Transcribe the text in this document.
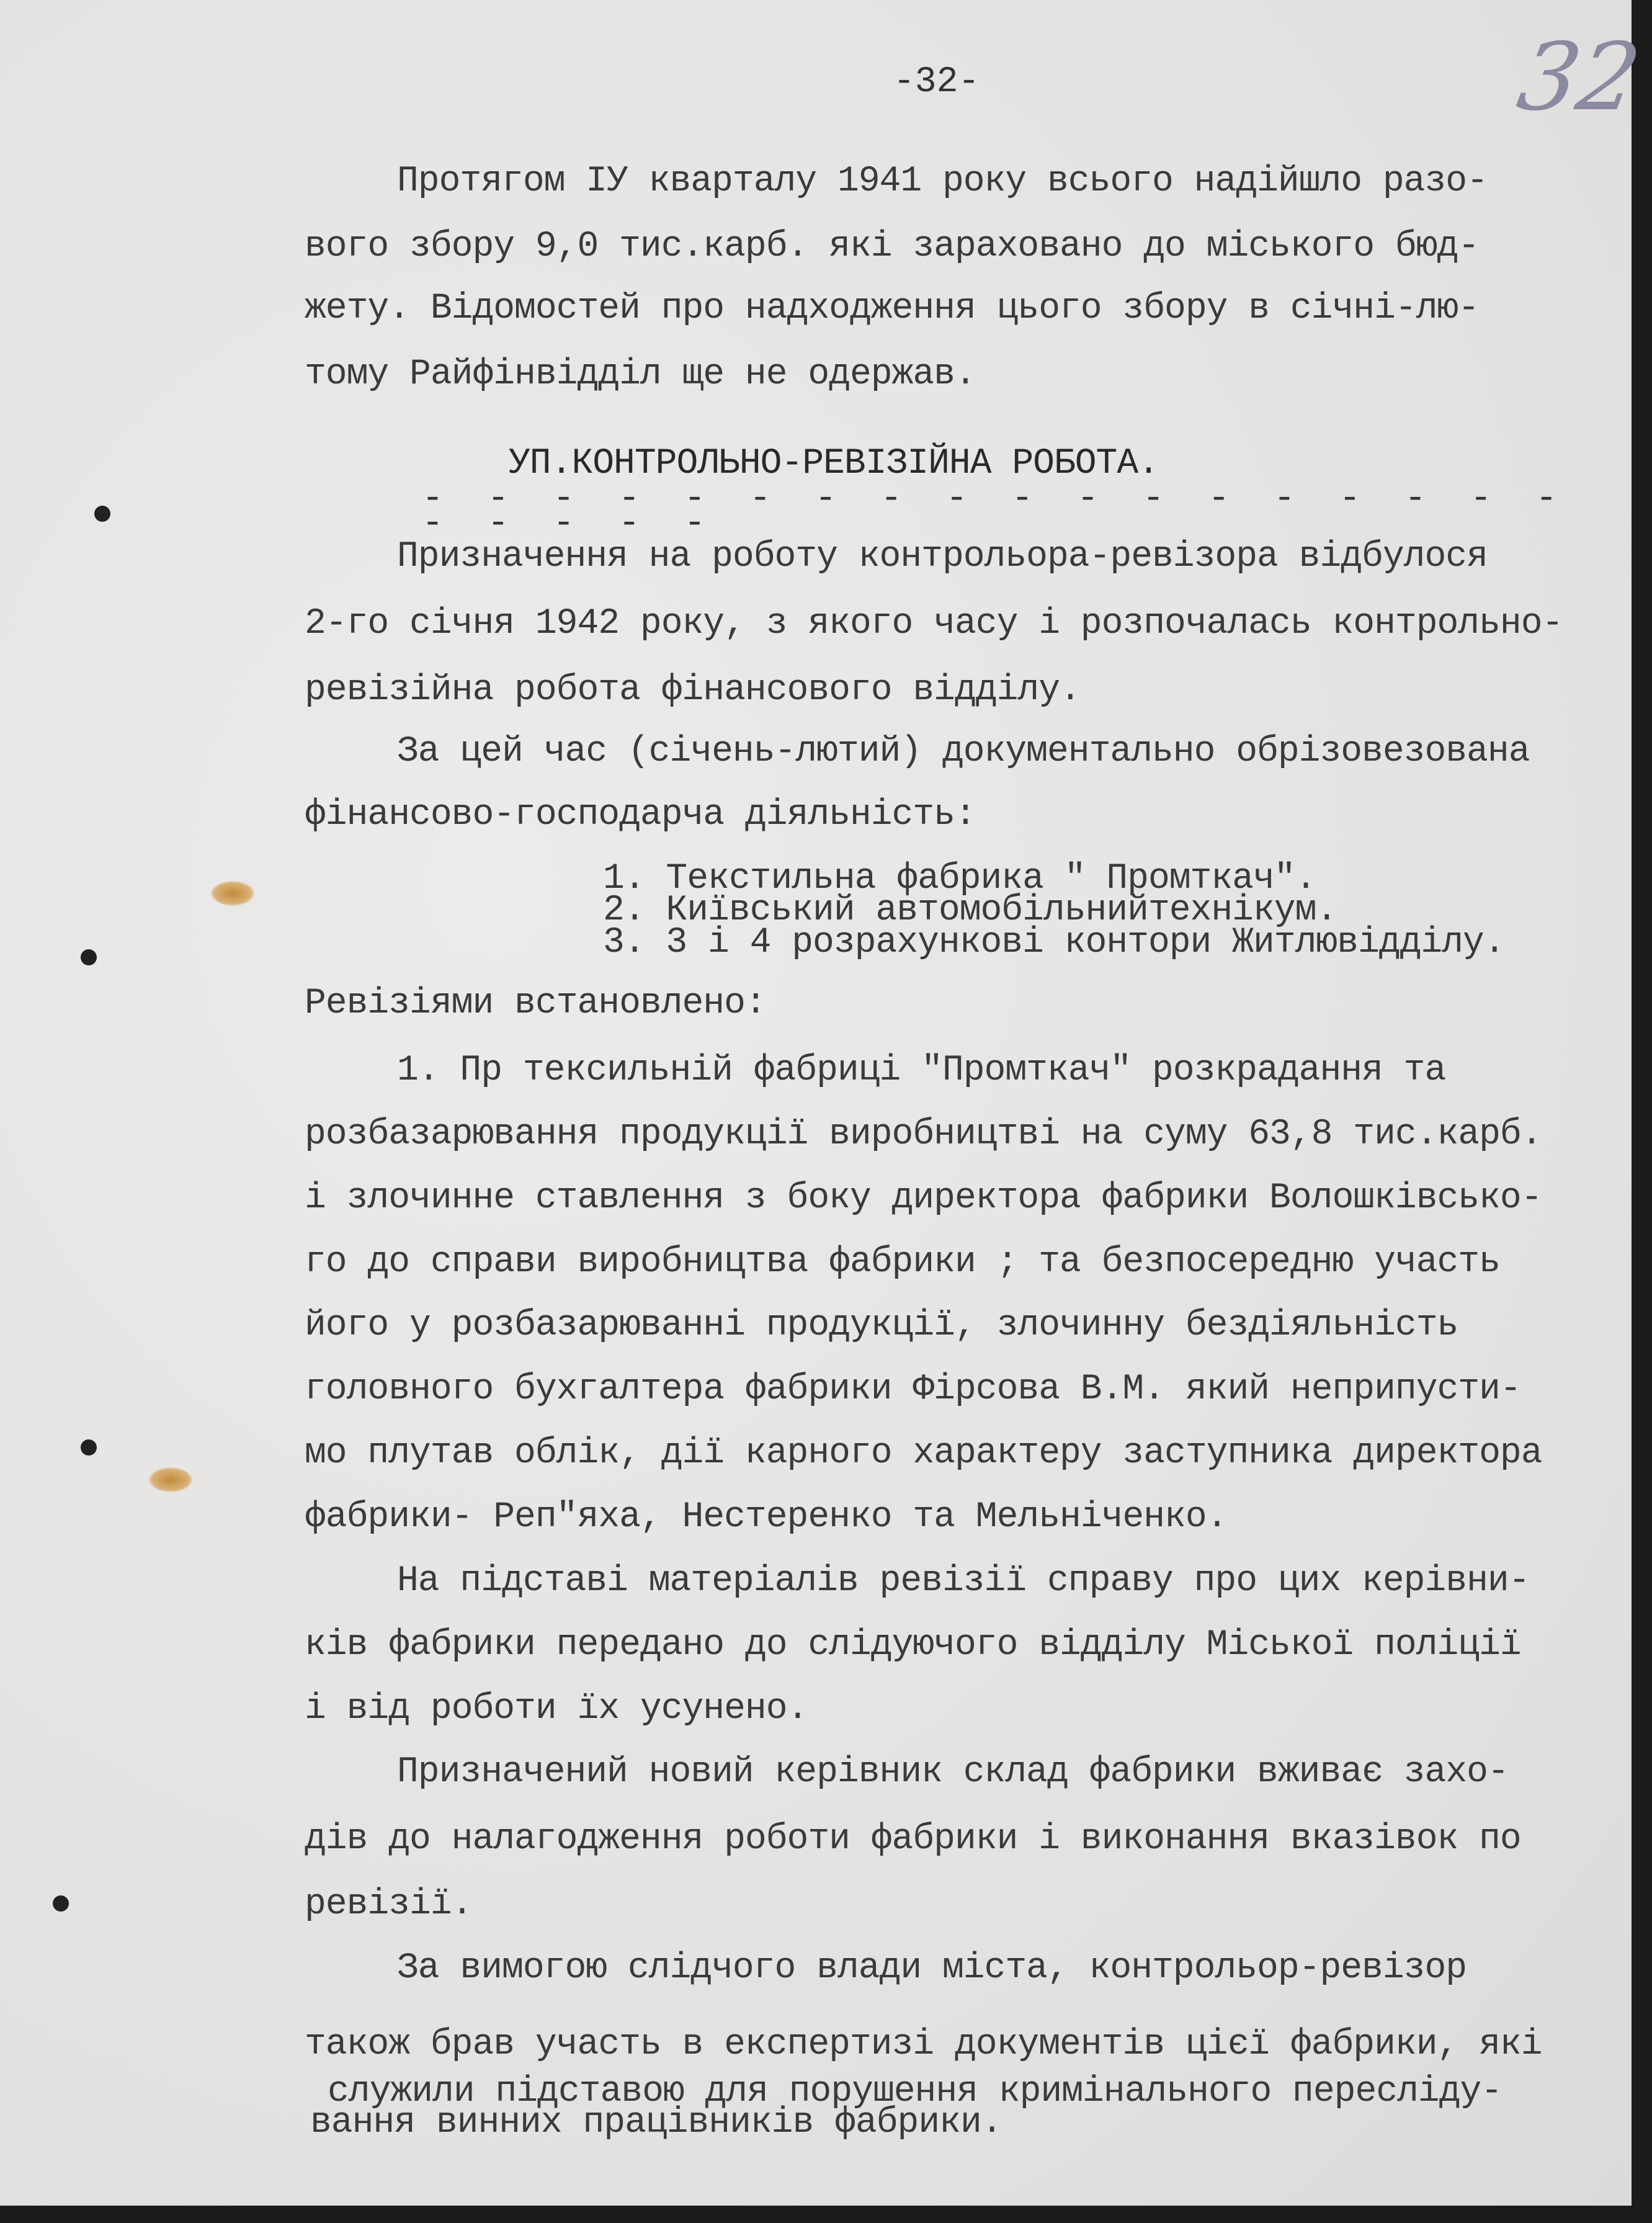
-32-	32
- - - - - - - - - - - - - - - - - - - - - - -
Протягом ІУ кварталу 1941 року всього надійшло разо-
вого збору 9,0 тис.карб. які зараховано до міського бюд-
жету. Відомостей про надходження цього збору в січні-лю-
тому Райфінвідділ ще не одержав.
УП.КОНТРОЛЬНО-РЕВІЗІЙНА РОБОТА.
Призначення на роботу контрольора-ревізора відбулося
2-го січня 1942 року, з якого часу і розпочалась контрольно-
ревізійна робота фінансового відділу.
За цей час (січень-лютий) документально обрізовезована
фінансово-господарча діяльність:
1. Текстильна фабрика " Промткач".
2. Київський автомобільнийтехнікум.
3. 3 і 4 розрахункові контори Житлювідділу.
Ревізіями встановлено:
1. Пр тексильній фабриці "Промткач" розкрадання та
розбазарювання продукції виробництві на суму 63,8 тис.карб.
і злочинне ставлення з боку директора фабрики Волошківсько-
го до справи виробництва фабрики ; та безпосередню участь
його у розбазарюванні продукції, злочинну бездіяльність
головного бухгалтера фабрики Фірсова В.М. який неприпусти-
мо плутав облік, дії карного характеру заступника директора
фабрики- Реп"яха, Нестеренко та Мельніченко.
На підставі матеріалів ревізії справу про цих керівни-
ків фабрики передано до слідуючого відділу Міської поліції
і від роботи їх усунено.
Призначений новий керівник склад фабрики вживає захо-
дів до налагодження роботи фабрики і виконання вказівок по
ревізії.
За вимогою слідчого влади міста, контрольор-ревізор
також брав участь в експертизі документів цієї фабрики, які
служили підставою для порушення кримінального пересліду-
вання винних працівників фабрики.
